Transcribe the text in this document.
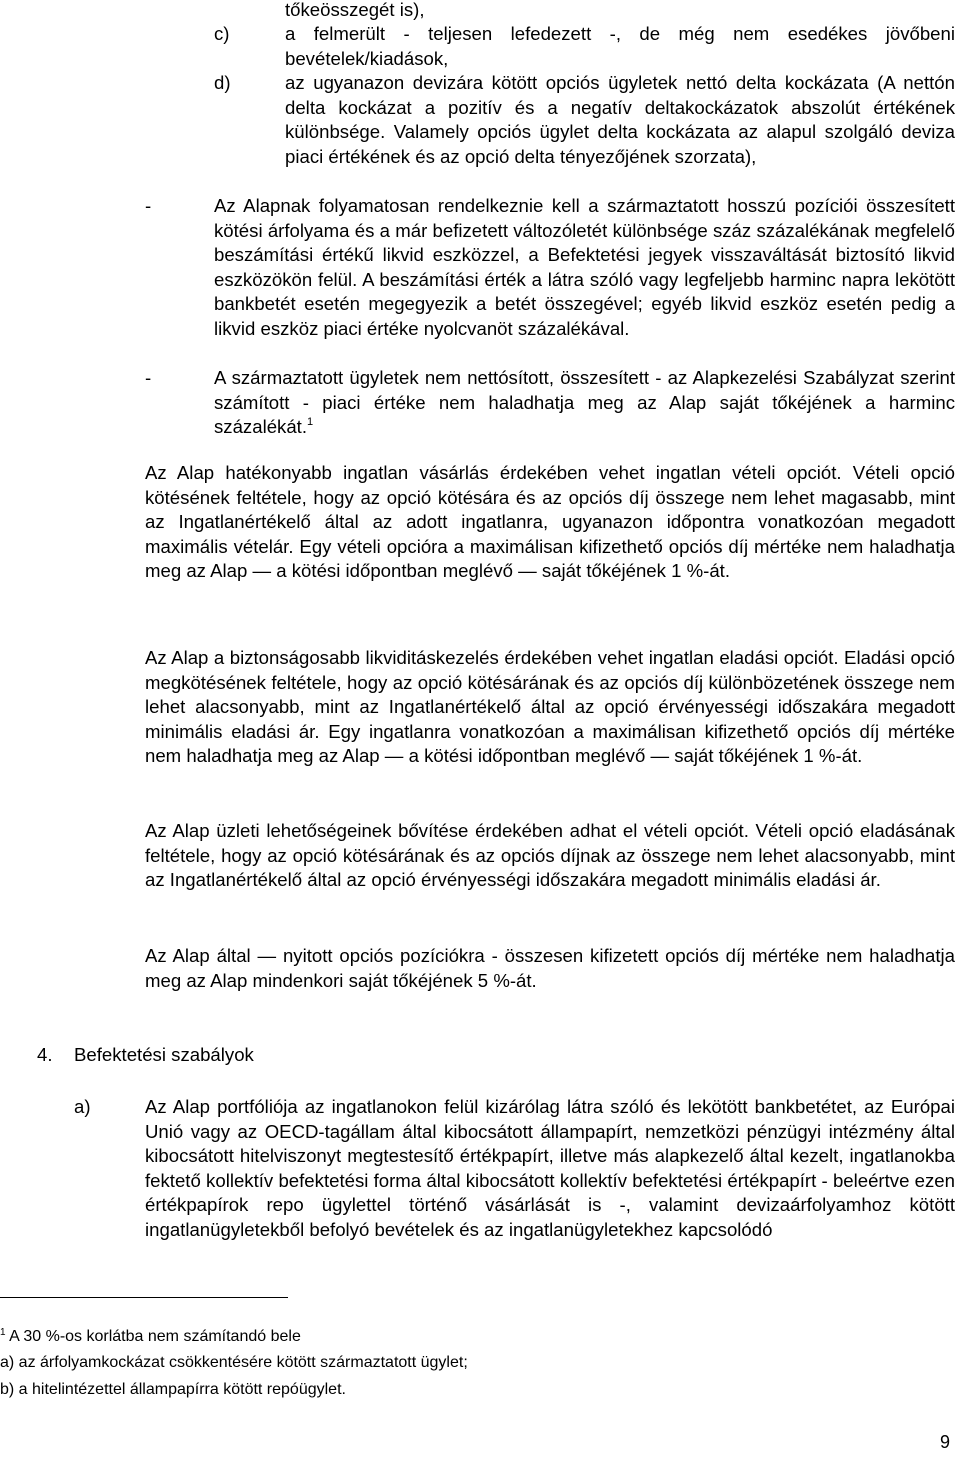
tőkeösszegét is),
c)	a felmerült - teljesen lefedezett -, de még nem esedékes jövőbeni bevételek/kiadások,
d)	az ugyanazon devizára kötött opciós ügyletek nettó delta kockázata (A nettón delta kockázat a pozitív és a negatív deltakockázatok abszolút értékének különbsége. Valamely opciós ügylet delta kockázata az alapul szolgáló deviza piaci értékének és az opció delta tényezőjének szorzata),
-	Az Alapnak folyamatosan rendelkeznie kell a származtatott hosszú pozíciói összesített kötési árfolyama és a már befizetett változóletét különbsége száz százalékának megfelelő beszámítási értékű likvid eszközzel, a Befektetési jegyek visszaváltását biztosító likvid eszközökön felül. A beszámítási érték a látra szóló vagy legfeljebb harminc napra lekötött bankbetét esetén megegyezik a betét összegével; egyéb likvid eszköz esetén pedig a likvid eszköz piaci értéke nyolcvanöt százalékával.
-	A származtatott ügyletek nem nettósított, összesített - az Alapkezelési Szabályzat szerint számított - piaci értéke nem haladhatja meg az Alap saját tőkéjének a harminc százalékát.$^1$
Az Alap hatékonyabb ingatlan vásárlás érdekében vehet ingatlan vételi opciót. Vételi opció kötésének feltétele, hogy az opció kötésára és az opciós díj összege nem lehet magasabb, mint az Ingatlanértékelő által az adott ingatlanra, ugyanazon időpontra vonatkozóan megadott maximális vételár. Egy vételi opcióra a maximálisan kifizethető opciós díj mértéke nem haladhatja meg az Alap — a kötési időpontban meglévő — saját tőkéjének 1 %-át.
Az Alap a biztonságosabb likviditáskezelés érdekében vehet ingatlan eladási opciót. Eladási opció megkötésének feltétele, hogy az opció kötésárának és az opciós díj különbözetének összege nem lehet alacsonyabb, mint az Ingatlanértékelő által az opció érvényességi időszakára megadott minimális eladási ár. Egy ingatlanra vonatkozóan a maximálisan kifizethető opciós díj mértéke nem haladhatja meg az Alap — a kötési időpontban meglévő — saját tőkéjének 1 %-át.
Az Alap üzleti lehetőségeinek bővítése érdekében adhat el vételi opciót. Vételi opció eladásának feltétele, hogy az opció kötésárának és az opciós díjnak az összege nem lehet alacsonyabb, mint az Ingatlanértékelő által az opció érvényességi időszakára megadott minimális eladási ár.
Az Alap által — nyitott opciós pozíciókra - összesen kifizetett opciós díj mértéke nem haladhatja meg az Alap mindenkori saját tőkéjének 5 %-át.
4. Befektetési szabályok
a)	Az Alap portfóliója az ingatlanokon felül kizárólag látra szóló és lekötött bankbetétet, az Európai Unió vagy az OECD-tagállam által kibocsátott állampapírt, nemzetközi pénzügyi intézmény által kibocsátott hitelviszonyt megtestesítő értékpapírt, illetve más alapkezelő által kezelt, ingatlanokba fektető kollektív befektetési forma által kibocsátott kollektív befektetési értékpapírt - beleértve ezen értékpapírok repo ügylettel történő vásárlását is -, valamint devizaárfolyamhoz kötött ingatlanügyletekből befolyó bevételek és az ingatlanügyletekhez kapcsolódó
$^1$ A 30 %-os korlátba nem számítandó bele
a) az árfolyamkockázat csökkentésére kötött származtatott ügylet;
b) a hitelintézettel állampapírra kötött repóügylet.
9
